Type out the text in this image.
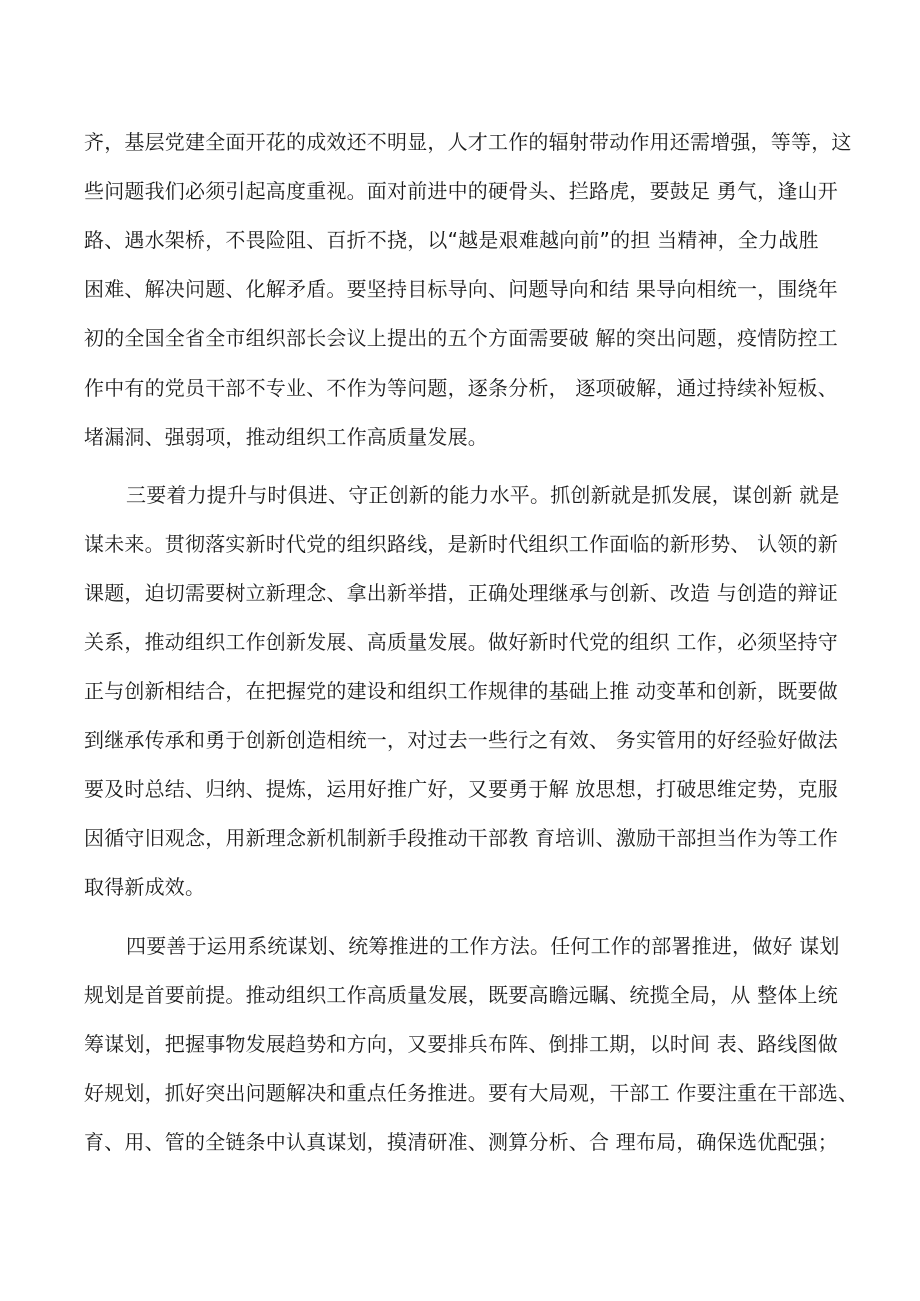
齐，基层党建全面开花的成效还不明显，人才工作的辐射带动作用还需增强，等等，这
些问题我们必须引起高度重视。面对前进中的硬骨头、拦路虎，要鼓足 勇气，逢山开
路、遇水架桥，不畏险阻、百折不挠，以“越是艰难越向前”的担 当精神，全力战胜
困难、解决问题、化解矛盾。要坚持目标导向、问题导向和结 果导向相统一，围绕年
初的全国全省全市组织部长会议上提出的五个方面需要破 解的突出问题，疫情防控工
作中有的党员干部不专业、不作为等问题，逐条分析， 逐项破解，通过持续补短板、
堵漏洞、强弱项，推动组织工作高质量发展。
三要着力提升与时俱进、守正创新的能力水平。抓创新就是抓发展，谋创新 就是
谋未来。贯彻落实新时代党的组织路线，是新时代组织工作面临的新形势、 认领的新
课题，迫切需要树立新理念、拿出新举措，正确处理继承与创新、改造 与创造的辩证
关系，推动组织工作创新发展、高质量发展。做好新时代党的组织 工作，必须坚持守
正与创新相结合，在把握党的建设和组织工作规律的基础上推 动变革和创新，既要做
到继承传承和勇于创新创造相统一，对过去一些行之有效、 务实管用的好经验好做法
要及时总结、归纳、提炼，运用好推广好，又要勇于解 放思想，打破思维定势，克服
因循守旧观念，用新理念新机制新手段推动干部教 育培训、激励干部担当作为等工作
取得新成效。
四要善于运用系统谋划、统筹推进的工作方法。任何工作的部署推进，做好 谋划
规划是首要前提。推动组织工作高质量发展，既要高瞻远瞩、统揽全局，从 整体上统
筹谋划，把握事物发展趋势和方向，又要排兵布阵、倒排工期，以时间 表、路线图做
好规划，抓好突出问题解决和重点任务推进。要有大局观，干部工 作要注重在干部选、
育、用、管的全链条中认真谋划，摸清研准、测算分析、合 理布局，确保选优配强；
